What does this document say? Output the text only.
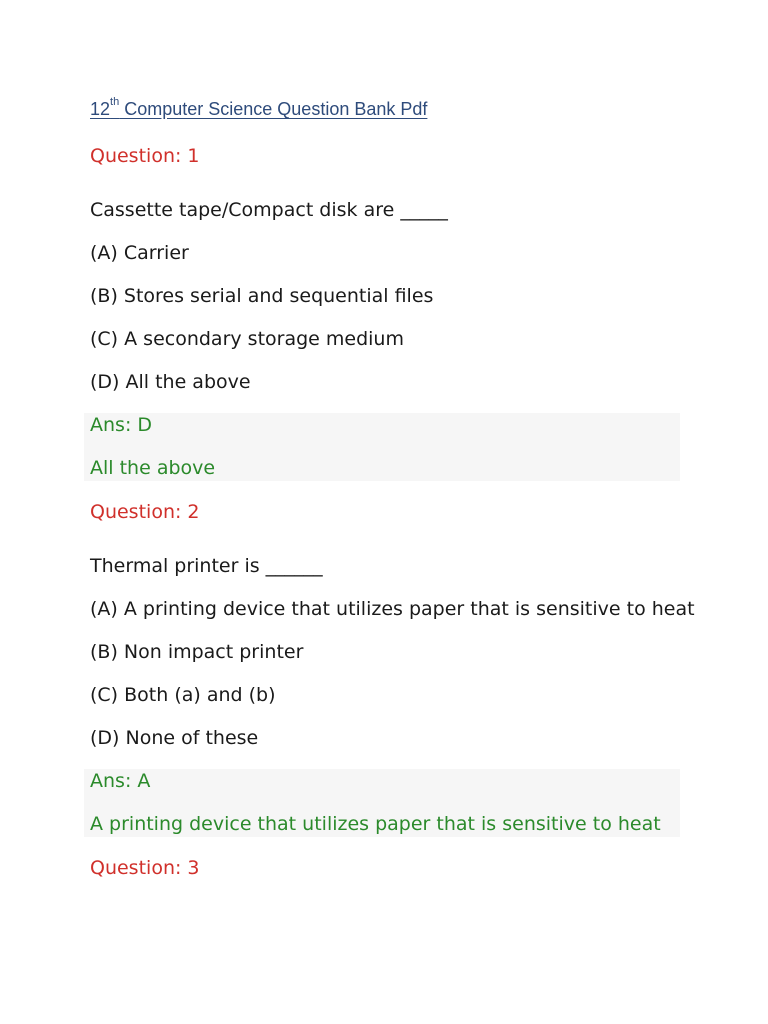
12th Computer Science Question Bank Pdf
Question: 1
Cassette tape/Compact disk are _____
(A) Carrier
(B) Stores serial and sequential files
(C) A secondary storage medium
(D) All the above
Ans: D
All the above
Question: 2
Thermal printer is ______
(A) A printing device that utilizes paper that is sensitive to heat
(B) Non impact printer
(C) Both (a) and (b)
(D) None of these
Ans: A
A printing device that utilizes paper that is sensitive to heat
Question: 3
